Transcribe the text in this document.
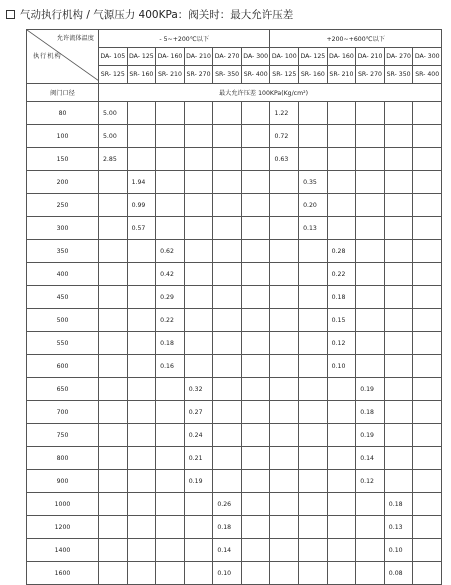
气动执行机构 / 气源压力 400KPa：阀关时：最大允许压差
允许流体温度
执行机构	- 5~+200℃以下						+200~+600℃以下					
	DA- 105	DA- 125	DA- 160	DA- 210	DA- 270	DA- 300	DA- 100	DA- 125	DA- 160	DA- 210	DA- 270	DA- 300
	SR- 125	SR- 160	SR- 210	SR- 270	SR- 350	SR- 400	SR- 125	SR- 160	SR- 210	SR- 270	SR- 350	SR- 400
阀门口径	最大允许压差 100KPa(Kg/cm²)											
80	5.00						1.22					
100	5.00						0.72					
150	2.85						0.63					
200		1.94						0.35				
250		0.99						0.20				
300		0.57						0.13				
350			0.62						0.28			
400			0.42						0.22			
450			0.29						0.18			
500			0.22						0.15			
550			0.18						0.12			
600			0.16						0.10			
650				0.32						0.19		
700				0.27						0.18		
750				0.24						0.19		
800				0.21						0.14		
900				0.19						0.12		
1000					0.26						0.18	
1200					0.18						0.13	
1400					0.14						0.10	
1600					0.10						0.08	
